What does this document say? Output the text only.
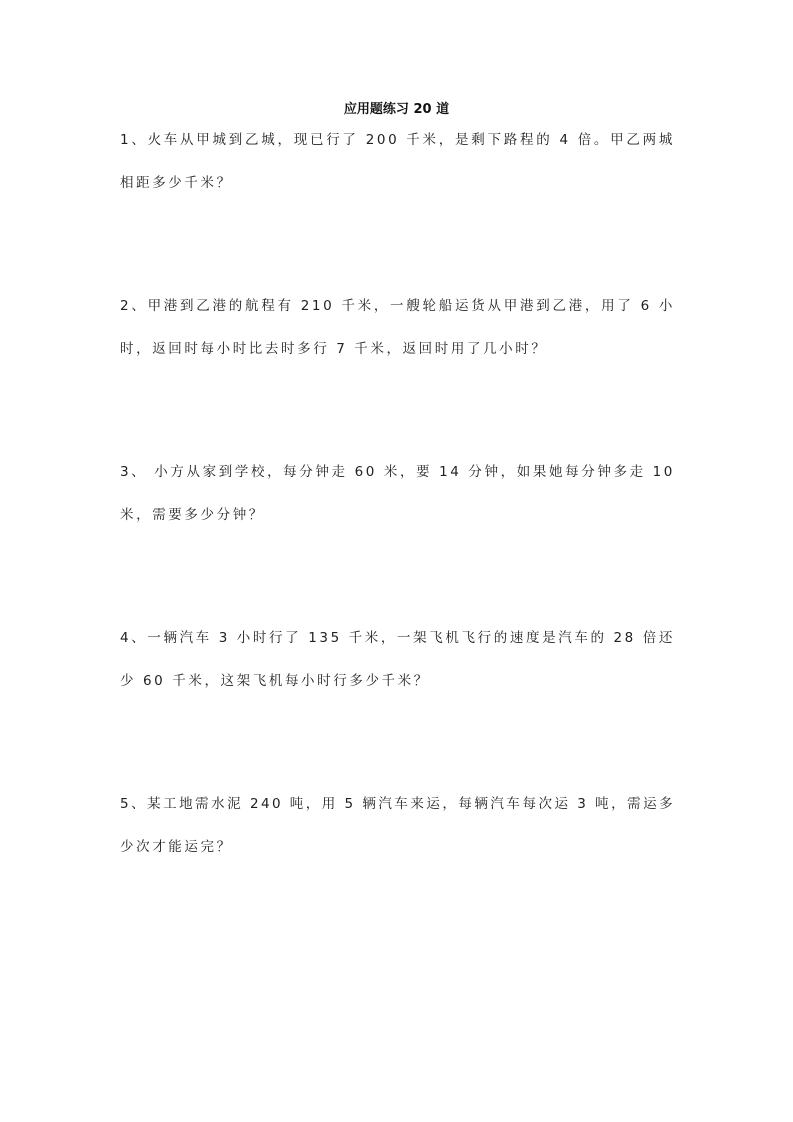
应用题练习 20 道
1、火车从甲城到乙城，现已行了 200 千米，是剩下路程的 4 倍。甲乙两城
相距多少千米？
2、甲港到乙港的航程有 210 千米，一艘轮船运货从甲港到乙港，用了 6 小
时，返回时每小时比去时多行 7 千米，返回时用了几小时？
3、 小方从家到学校，每分钟走 60 米，要 14 分钟，如果她每分钟多走 10
米，需要多少分钟？
4、一辆汽车 3 小时行了 135 千米，一架飞机飞行的速度是汽车的 28 倍还
少 60 千米，这架飞机每小时行多少千米？
5、某工地需水泥 240 吨，用 5 辆汽车来运，每辆汽车每次运 3 吨，需运多
少次才能运完？
